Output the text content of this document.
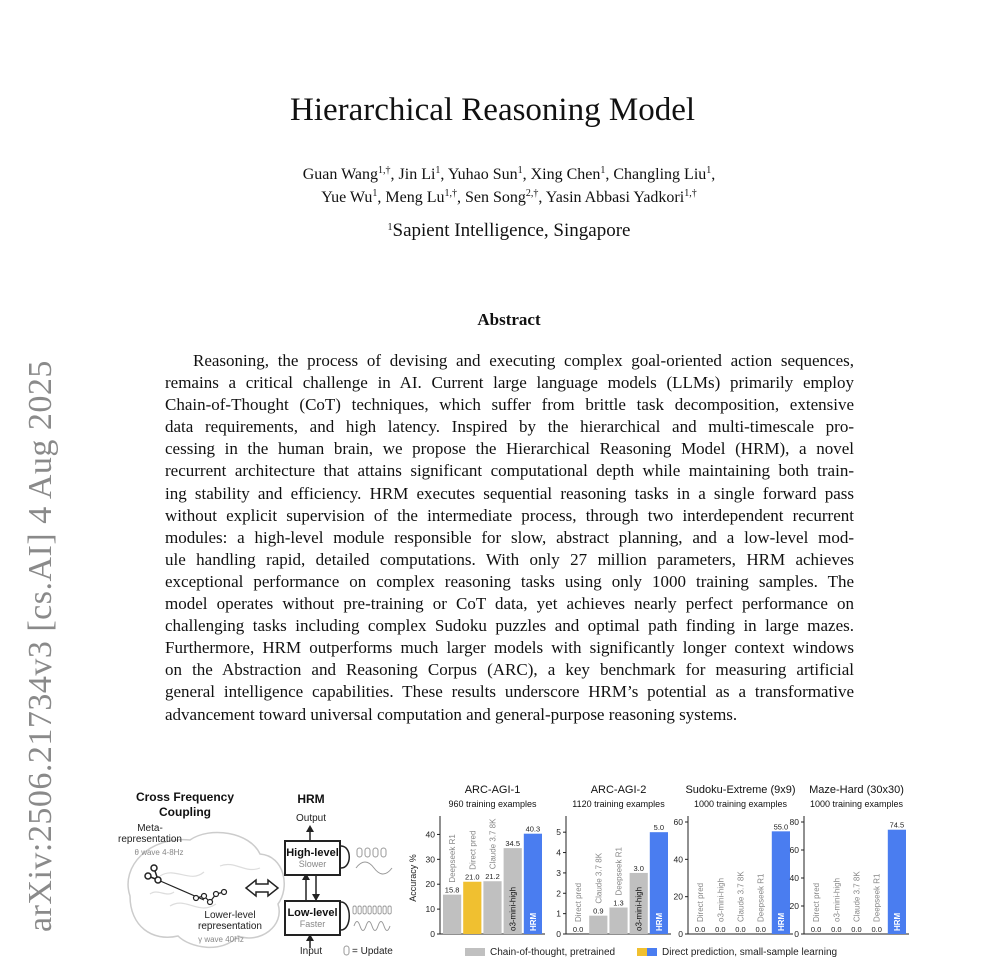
arXiv:2506.21734v3 [cs.AI] 4 Aug 2025
Hierarchical Reasoning Model
Guan Wang$^{1,\dagger}$, Jin Li$^1$, Yuhao Sun$^1$, Xing Chen$^1$, Changling Liu$^1$,
Yue Wu$^1$, Meng $Lu^{1,\dagger}$, Sen Song$^{2,\dagger}$, Yasin Abbasi Yadkori$^{1,\dagger}$
$^1$Sapient Intelligence, Singapore
Abstract
Reasoning, the process of devising and executing complex goal-oriented action sequences,
remains a critical challenge in AI. Current large language models (LLMs) primarily employ
Chain-of-Thought (CoT) techniques, which suffer from brittle task decomposition, extensive
data requirements, and high latency. Inspired by the hierarchical and multi-timescale pro-
cessing in the human brain, we propose the Hierarchical Reasoning Model (HRM), a novel
recurrent architecture that attains significant computational depth while maintaining both train-
ing stability and efficiency. HRM executes sequential reasoning tasks in a single forward pass
without explicit supervision of the intermediate process, through two interdependent recurrent
modules: a high-level module responsible for slow, abstract planning, and a low-level mod-
ule handling rapid, detailed computations. With only 27 million parameters, HRM achieves
exceptional performance on complex reasoning tasks using only 1000 training samples. The
model operates without pre-training or CoT data, yet achieves nearly perfect performance on
challenging tasks including complex Sudoku puzzles and optimal path finding in large mazes.
Furthermore, HRM outperforms much larger models with significantly longer context windows
on the Abstraction and Reasoning Corpus (ARC), a key benchmark for measuring artificial
general intelligence capabilities. These results underscore HRM’s potential as a transformative
advancement toward universal computation and general-purpose reasoning systems.
Cross Frequency
Coupling
Meta-
representation
θ wave 4-8Hz
Lower-level
representation
γ wave 40Hz
HRM
Output
High-level
Slower
Low-level
Faster
Input	= Update
0
10
20
30
40
Accuracy %	15.8
Deepseek R1 21.0
Direct pred
21.2
Claude 3.7 8K 34.5
o3-mini-high
40.3
HRM
0
1
2
3
4
5
0.0
Direct pred 0.9
Claude 3.7 8K 1.3
Deepseek R1 3.0
o3-mini-high
5.0
HRM
0
20
40
60
0.0
Direct pred
0.0
o3-mini-high
0.0
Claude 3.7 8K
0.0
Deepseek R1
55.0
HRM
0
20
40
60
80
0.0
Direct pred
0.0
o3-mini-high
0.0
Claude 3.7 8K
0.0
Deepseek R1
74.5
HRM
Chain-of-thought, pretrained	Direct prediction, small-sample learning
ARC-AGI-1
960 training examples
ARC-AGI-2
1120 training examples
Sudoku-Extreme (9x9)
1000 training examples
Maze-Hard (30x30)
1000 training examples
